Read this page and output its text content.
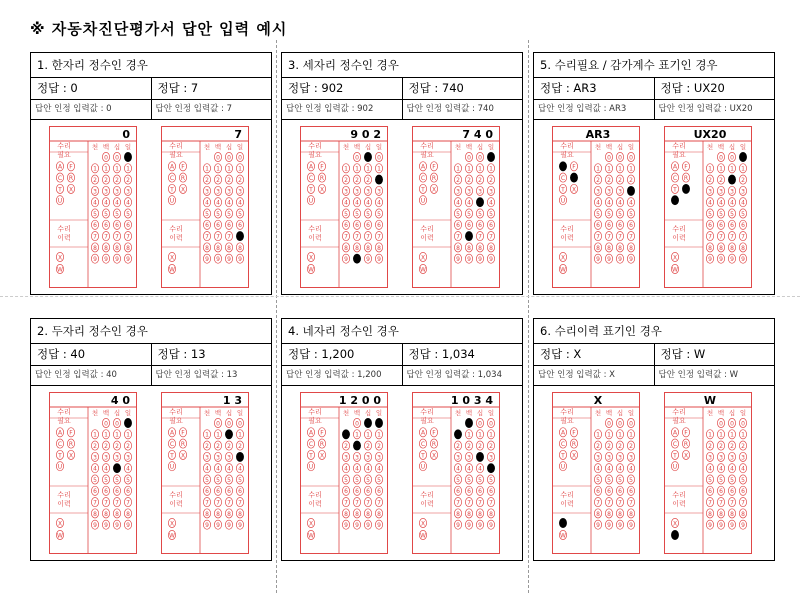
※ 자동차진단평가서 답안 입력 예시
1. 한자리 정수인 경우
정답 : 0	정답 : 7
답안 인정 입력값 : 0	답안 인정 입력값 : 7
0
수리
필요
천 백 십 일
수리
이력
1
2
3
4
5
6
7
8
9
0
1
2
3
4
5
6
7
8
9
0
1
2
3
4
5
6
7
8
9
1
2
3
4
5
6
7
8
9
A F
C R
T X
U
X
W
7
수리
필요
천 백 십 일
수리
이력
1
2
3
4
5
6
7
8
9
0
1
2
3
4
5
6
7
8
9
0
1
2
3
4
5
6
7
8
9
0
1
2
3
4
5
6
8
9
A F
C R
T X
U
X
W
3. 세자리 정수인 경우
정답 : 902	정답 : 740
답안 인정 입력값 : 902	답안 인정 입력값 : 740
9 0 2
수리
필요
천 백 십 일
수리
이력
1
2
3
4
5
6
7
8
9
0
1
2
3
4
5
6
7
8
1
2
3
4
5
6
7
8
9
0
1
3
4
5
6
7
8
9
A F
C R
T X
U
X
W
7 4 0
수리
필요
천 백 십 일
수리
이력
1
2
3
4
5
6
7
8
9
0
1
2
3
4
5
6
8
9
0
1
2
3
5
6
7
8
9
1
2
3
4
5
6
7
8
9
A F
C R
T X
U
X
W
5. 수리필요 / 감가계수 표기인 경우
정답 : AR3	정답 : UX20
답안 인정 입력값 : AR3	답안 인정 입력값 : UX20
AR3
수리
필요
천 백 십 일
수리
이력
1
2
3
4
5
6
7
8
9
0
1
2
3
4
5
6
7
8
9
0
1
2
3
4
5
6
7
8
9
0
1
2
4
5
6
7
8
9
F
C
T X
U
X
W
UX20
수리
필요
천 백 십 일
수리
이력
1
2
3
4
5
6
7
8
9
0
1
2
3
4
5
6
7
8
9
0
1
3
4
5
6
7
8
9
1
2
3
4
5
6
7
8
9
A F
C R
T
X
W
2. 두자리 정수인 경우
정답 : 40	정답 : 13
답안 인정 입력값 : 40	답안 인정 입력값 : 13
4 0
수리
필요
천 백 십 일
수리
이력
1
2
3
4
5
6
7
8
9
0
1
2
3
4
5
6
7
8
9
0
1
2
3
5
6
7
8
9
1
2
3
4
5
6
7
8
9
A F
C R
T X
U
X
W
1 3
수리
필요
천 백 십 일
수리
이력
1
2
3
4
5
6
7
8
9
0
1
2
3
4
5
6
7
8
9
0
2
3
4
5
6
7
8
9
0
1
2
4
5
6
7
8
9
A F
C R
T X
U
X
W
4. 네자리 정수인 경우
정답 : 1,200	정답 : 1,034
답안 인정 입력값 : 1,200	답안 인정 입력값 : 1,034
1 2 0 0
수리
필요
천 백 십 일
수리
이력
2
3
4
5
6
7
8
9
0
1
3
4
5
6
7
8
9
1
2
3
4
5
6
7
8
9
1
2
3
4
5
6
7
8
9
A F
C R
T X
U
X
W
1 0 3 4
수리
필요
천 백 십 일
수리
이력
2
3
4
5
6
7
8
9
1
2
3
4
5
6
7
8
9
0
1
2
4
5
6
7
8
9
0
1
2
3
5
6
7
8
9
A F
C R
T X
U
X
W
6. 수리이력 표기인 경우
정답 : X	정답 : W
답안 인정 입력값 : X	답안 인정 입력값 : W
X
수리
필요
천 백 십 일
수리
이력
1
2
3
4
5
6
7
8
9
0
1
2
3
4
5
6
7
8
9
0
1
2
3
4
5
6
7
8
9
0
1
2
3
4
5
6
7
8
9
A F
C R
T X
U
W
W
수리
필요
천 백 십 일
수리
이력
1
2
3
4
5
6
7
8
9
0
1
2
3
4
5
6
7
8
9
0
1
2
3
4
5
6
7
8
9
0
1
2
3
4
5
6
7
8
9
A F
C R
T X
U
X
